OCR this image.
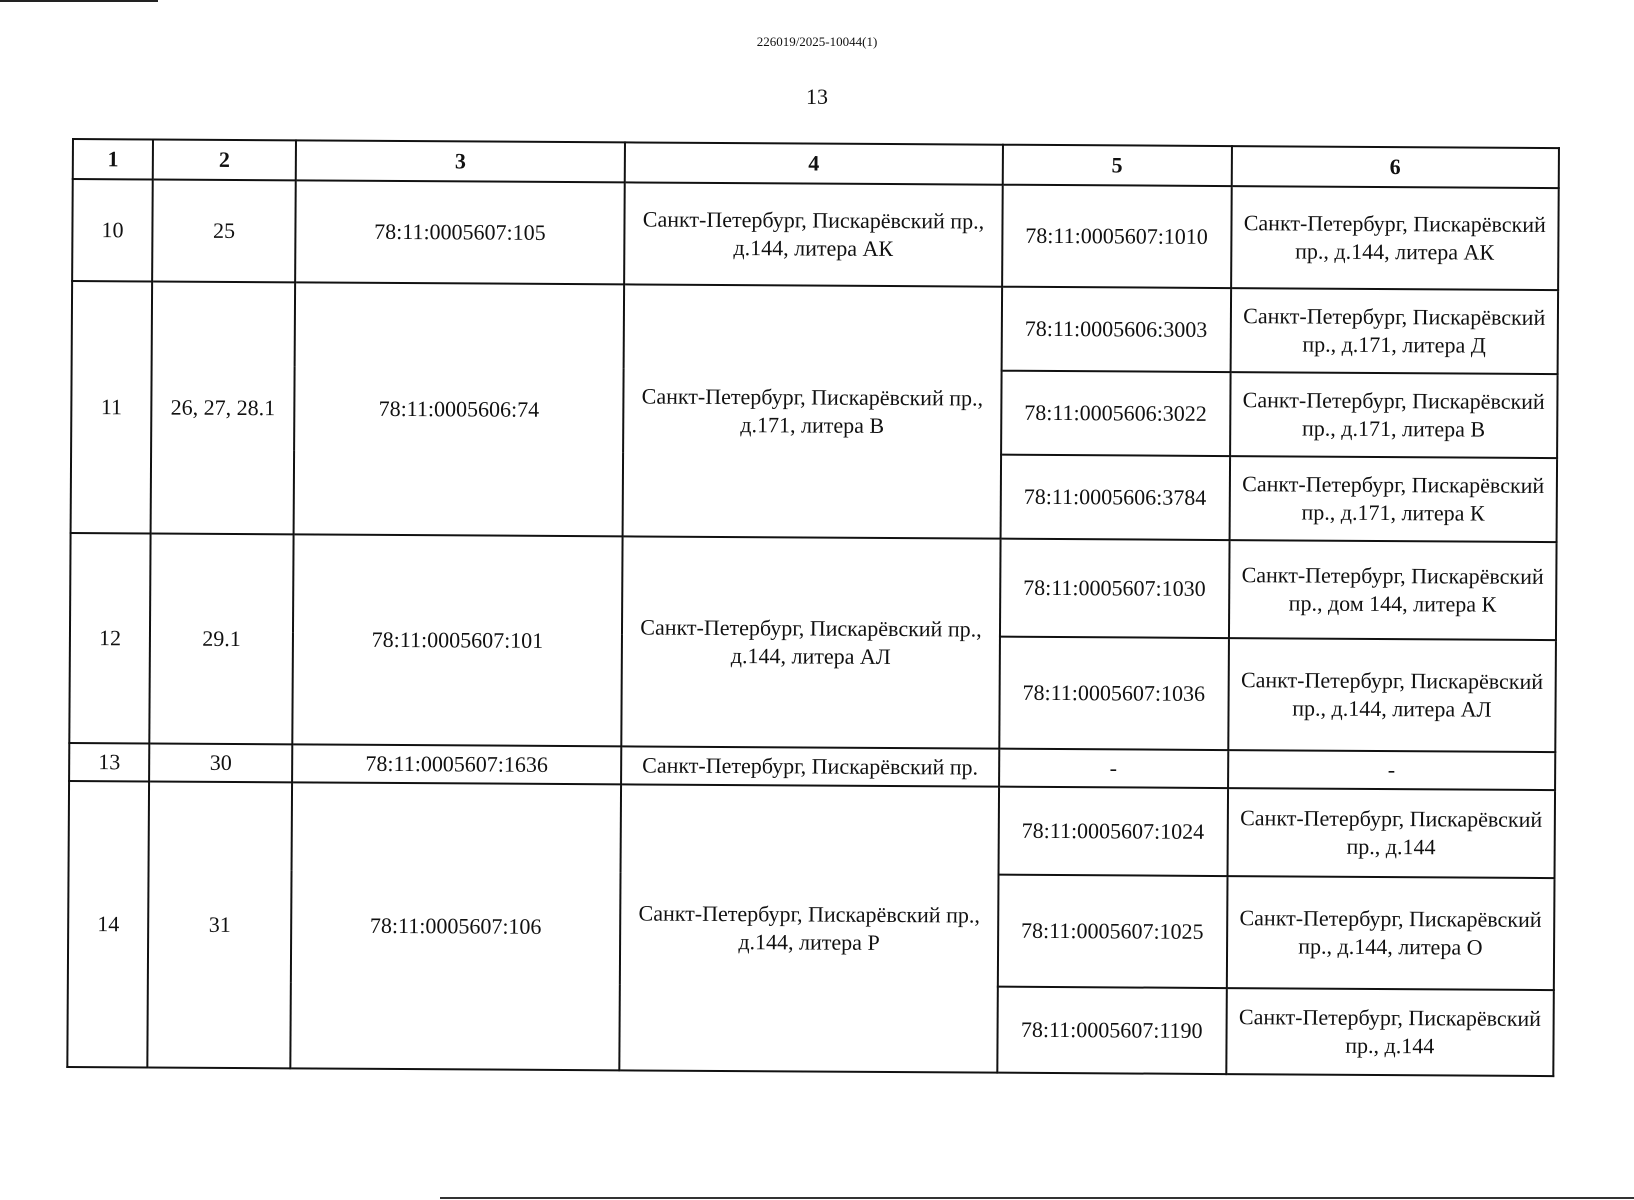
226019/2025-10044(1)
13
1	2	3	4	5	6
10	25	78:11:0005607:105	Санкт-Петербург, Пискарёвский пр., д.144, литера АК	78:11:0005607:1010	Санкт-Петербург, Пискарёвский пр., д.144, литера АК
11	26, 27, 28.1	78:11:0005606:74	Санкт-Петербург, Пискарёвский пр., д.171, литера В	78:11:0005606:3003	Санкт-Петербург, Пискарёвский пр., д.171, литера Д
				78:11:0005606:3022	Санкт-Петербург, Пискарёвский пр., д.171, литера В
				78:11:0005606:3784	Санкт-Петербург, Пискарёвский пр., д.171, литера К
12	29.1	78:11:0005607:101	Санкт-Петербург, Пискарёвский пр., д.144, литера АЛ	78:11:0005607:1030	Санкт-Петербург, Пискарёвский пр., дом 144, литера К
				78:11:0005607:1036	Санкт-Петербург, Пискарёвский пр., д.144, литера АЛ
13	30	78:11:0005607:1636	Санкт-Петербург, Пискарёвский пр.	-	-
14	31	78:11:0005607:106	Санкт-Петербург, Пискарёвский пр., д.144, литера Р	78:11:0005607:1024	Санкт-Петербург, Пискарёвский пр., д.144
				78:11:0005607:1025	Санкт-Петербург, Пискарёвский пр., д.144, литера О
				78:11:0005607:1190	Санкт-Петербург, Пискарёвский пр., д.144
